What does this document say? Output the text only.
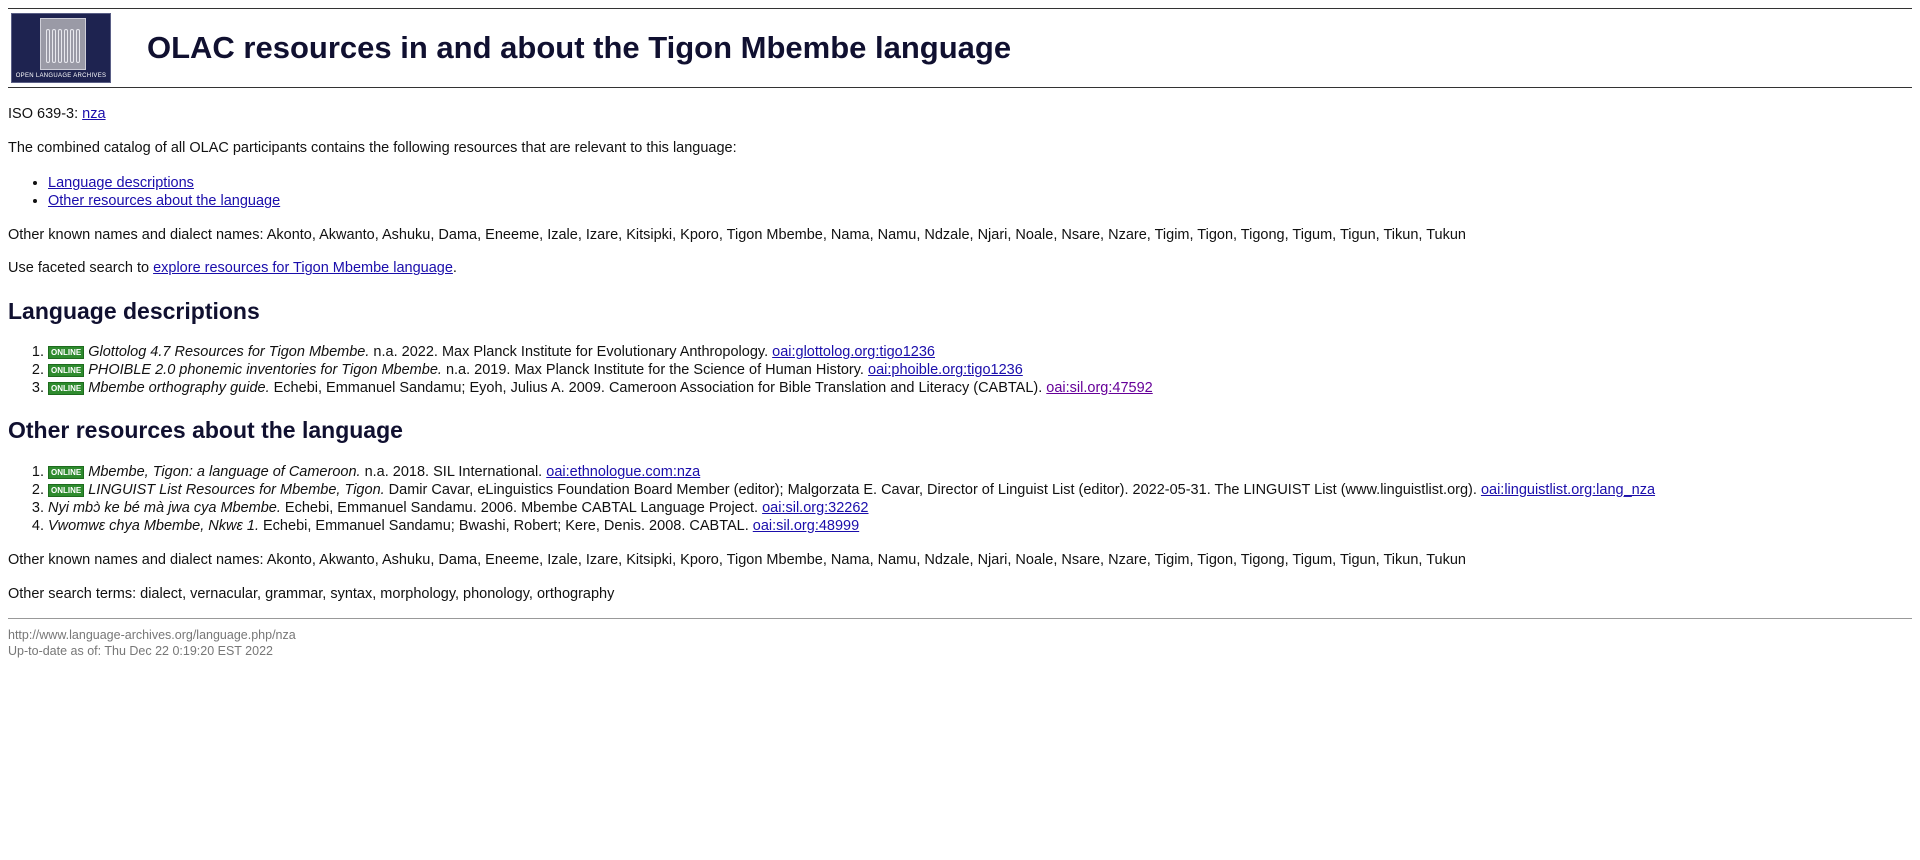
OPEN LANGUAGE ARCHIVES
OLAC resources in and about the Tigon Mbembe language

ISO 639-3: nza

The combined catalog of all OLAC participants contains the following resources that are relevant to this language:

• Language descriptions
• Other resources about the language

Other known names and dialect names: Akonto, Akwanto, Ashuku, Dama, Eneeme, Izale, Izare, Kitsipki, Kporo, Tigon Mbembe, Nama, Namu, Ndzale, Njari, Noale, Nsare, Nzare, Tigim, Tigon, Tigong, Tigum, Tigun, Tikun, Tukun

Use faceted search to explore resources for Tigon Mbembe language.

Language descriptions
1. ONLINE Glottolog 4.7 Resources for Tigon Mbembe. n.a. 2022. Max Planck Institute for Evolutionary Anthropology. oai:glottolog.org:tigo1236
2. ONLINE PHOIBLE 2.0 phonemic inventories for Tigon Mbembe. n.a. 2019. Max Planck Institute for the Science of Human History. oai:phoible.org:tigo1236
3. ONLINE Mbembe orthography guide. Echebi, Emmanuel Sandamu; Eyoh, Julius A. 2009. Cameroon Association for Bible Translation and Literacy (CABTAL). oai:sil.org:47592
Other resources about the language
1. ONLINE Mbembe, Tigon: a language of Cameroon. n.a. 2018. SIL International. oai:ethnologue.com:nza
2. ONLINE LINGUIST List Resources for Mbembe, Tigon. Damir Cavar, eLinguistics Foundation Board Member (editor); Malgorzata E. Cavar, Director of Linguist List (editor). 2022-05-31. The LINGUIST List (www.linguistlist.org). oai:linguistlist.org:lang_nza
3. Nyi mbɔ̀ ke bé mà jwa cya Mbembe. Echebi, Emmanuel Sandamu. 2006. Mbembe CABTAL Language Project. oai:sil.org:32262
4. Vwomwɛ chya Mbembe, Nkwɛ 1. Echebi, Emmanuel Sandamu; Bwashi, Robert; Kere, Denis. 2008. CABTAL. oai:sil.org:48999

Other known names and dialect names: Akonto, Akwanto, Ashuku, Dama, Eneeme, Izale, Izare, Kitsipki, Kporo, Tigon Mbembe, Nama, Namu, Ndzale, Njari, Noale, Nsare, Nzare, Tigim, Tigon, Tigong, Tigum, Tigun, Tikun, Tukun

Other search terms: dialect, vernacular, grammar, syntax, morphology, phonology, orthography

http://www.language-archives.org/language.php/nza
Up-to-date as of: Thu Dec 22 0:19:20 EST 2022
